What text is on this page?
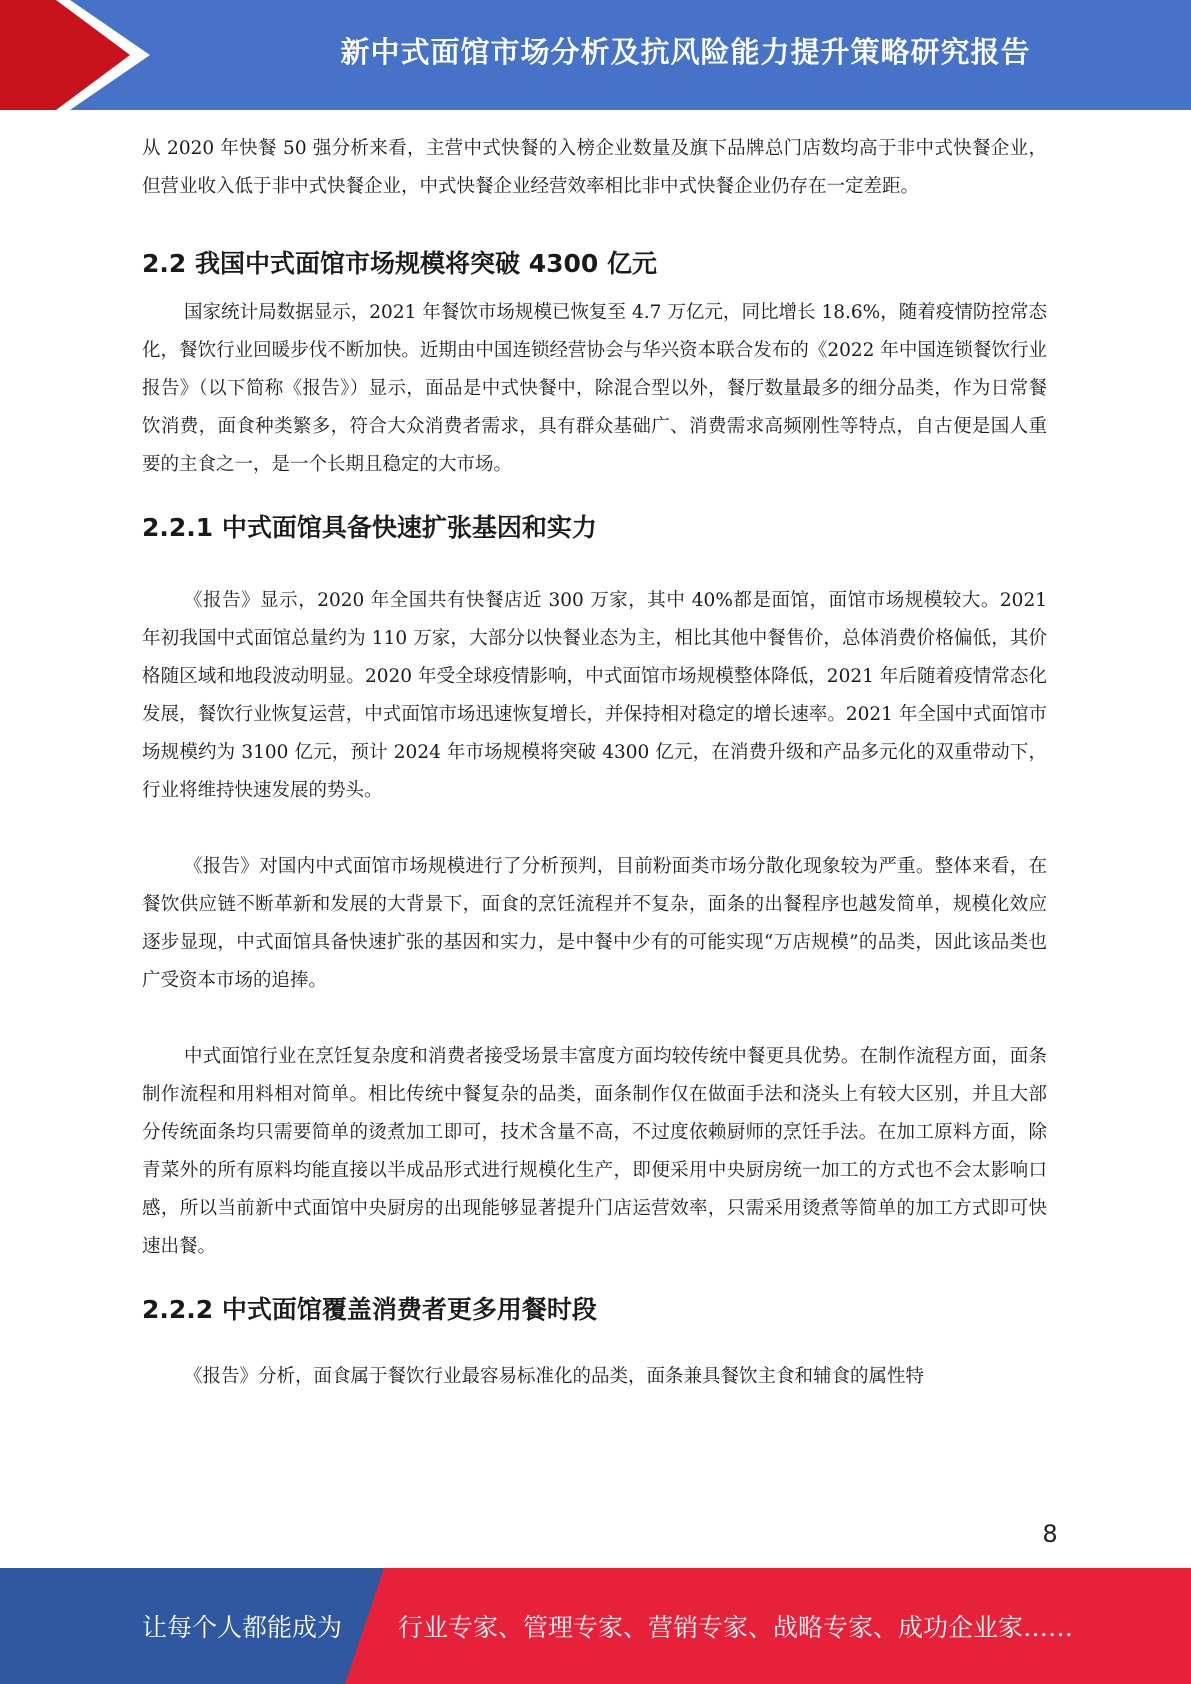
新中式面馆市场分析及抗风险能力提升策略研究报告

从 2020 年快餐 50 强分析来看，主营中式快餐的入榜企业数量及旗下品牌总门店数均高于非中式快餐企业，但营业收入低于非中式快餐企业，中式快餐企业经营效率相比非中式快餐企业仍存在一定差距。

2.2 我国中式面馆市场规模将突破 4300 亿元

国家统计局数据显示，2021 年餐饮市场规模已恢复至 4.7 万亿元，同比增长 18.6%，随着疫情防控常态化，餐饮行业回暖步伐不断加快。近期由中国连锁经营协会与华兴资本联合发布的《2022 年中国连锁餐饮行业报告》（以下简称《报告》）显示，面品是中式快餐中，除混合型以外，餐厅数量最多的细分品类，作为日常餐饮消费，面食种类繁多，符合大众消费者需求，具有群众基础广、消费需求高频刚性等特点，自古便是国人重要的主食之一，是一个长期且稳定的大市场。

2.2.1 中式面馆具备快速扩张基因和实力

《报告》显示，2020 年全国共有快餐店近 300 万家，其中 40%都是面馆，面馆市场规模较大。2021 年初我国中式面馆总量约为 110 万家，大部分以快餐业态为主，相比其他中餐售价，总体消费价格偏低，其价格随区域和地段波动明显。2020 年受全球疫情影响，中式面馆市场规模整体降低，2021 年后随着疫情常态化发展，餐饮行业恢复运营，中式面馆市场迅速恢复增长，并保持相对稳定的增长速率。2021 年全国中式面馆市场规模约为 3100 亿元，预计 2024 年市场规模将突破 4300 亿元，在消费升级和产品多元化的双重带动下，行业将维持快速发展的势头。

《报告》对国内中式面馆市场规模进行了分析预判，目前粉面类市场分散化现象较为严重。整体来看，在餐饮供应链不断革新和发展的大背景下，面食的烹饪流程并不复杂，面条的出餐程序也越发简单，规模化效应逐步显现，中式面馆具备快速扩张的基因和实力，是中餐中少有的可能实现“万店规模”的品类，因此该品类也广受资本市场的追捧。

中式面馆行业在烹饪复杂度和消费者接受场景丰富度方面均较传统中餐更具优势。在制作流程方面，面条制作流程和用料相对简单。相比传统中餐复杂的品类，面条制作仅在做面手法和浇头上有较大区别，并且大部分传统面条均只需要简单的烫煮加工即可，技术含量不高，不过度依赖厨师的烹饪手法。在加工原料方面，除青菜外的所有原料均能直接以半成品形式进行规模化生产，即便采用中央厨房统一加工的方式也不会太影响口感，所以当前新中式面馆中央厨房的出现能够显著提升门店运营效率，只需采用烫煮等简单的加工方式即可快速出餐。

2.2.2 中式面馆覆盖消费者更多用餐时段

《报告》分析，面食属于餐饮行业最容易标准化的品类，面条兼具餐饮主食和辅食的属性特

8
让每个人都能成为 行业专家、管理专家、营销专家、战略专家、成功企业家……
